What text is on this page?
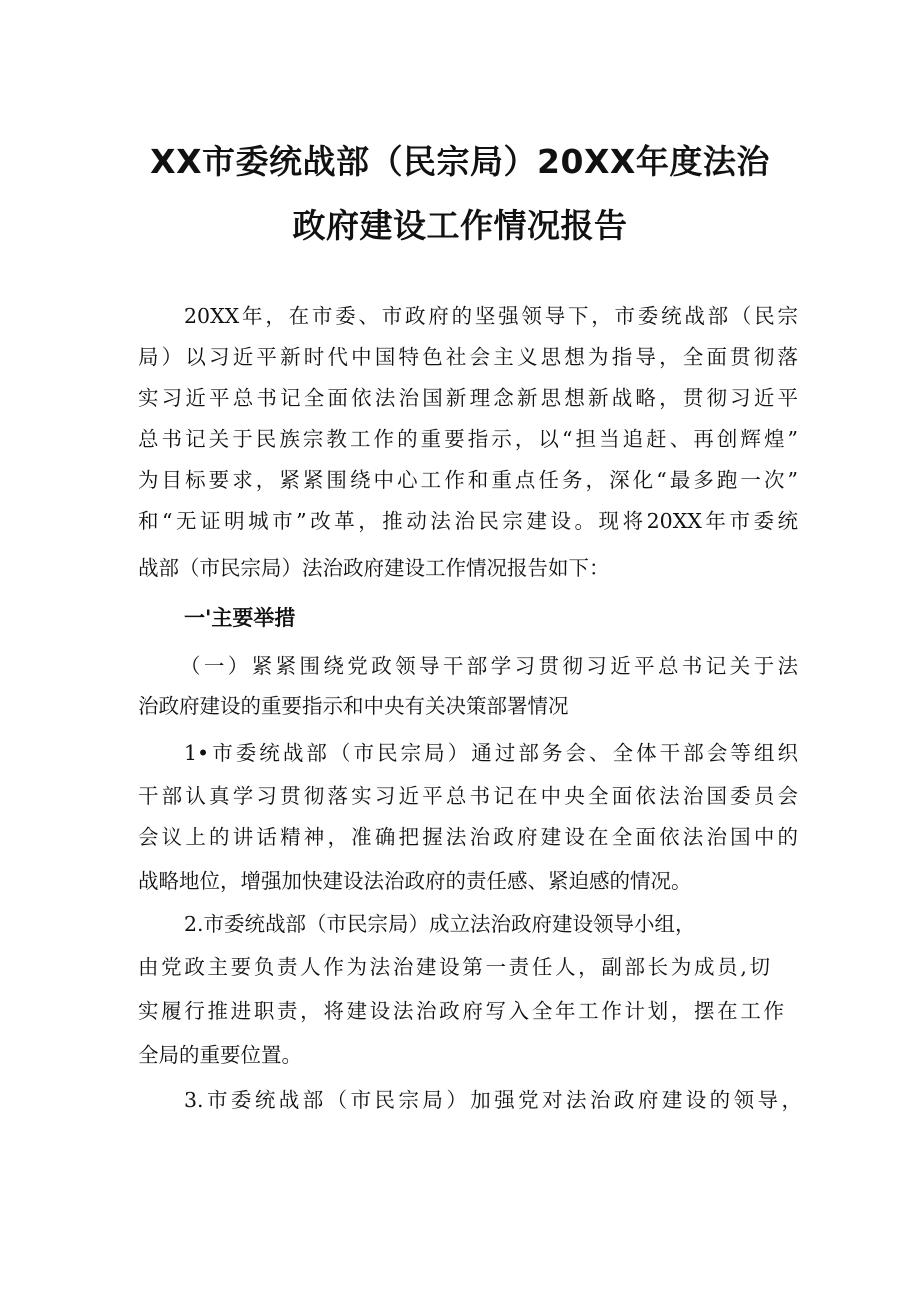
XX市委统战部（民宗局）20XX年度法治
政府建设工作情况报告
20XX年，在市委、市政府的坚强领导下，市委统战部（民宗
局）以习近平新时代中国特色社会主义思想为指导，全面贯彻落
实习近平总书记全面依法治国新理念新思想新战略，贯彻习近平
总书记关于民族宗教工作的重要指示，以“担当追赶、再创辉煌”
为目标要求，紧紧围绕中心工作和重点任务，深化“最多跑一次”
和“无证明城市”改革，推动法治民宗建设。现将20XX年市委统
战部（市民宗局）法治政府建设工作情况报告如下：
一'主要举措
（一）紧紧围绕党政领导干部学习贯彻习近平总书记关于法
治政府建设的重要指示和中央有关决策部署情况
1•市委统战部（市民宗局）通过部务会、全体干部会等组织
干部认真学习贯彻落实习近平总书记在中央全面依法治国委员会
会议上的讲话精神，准确把握法治政府建设在全面依法治国中的
战略地位，增强加快建设法治政府的责任感、紧迫感的情况。
2.市委统战部（市民宗局）成立法治政府建设领导小组，
由党政主要负责人作为法治建设第一责任人，副部长为成员,切
实履行推进职责，将建设法治政府写入全年工作计划，摆在工作
全局的重要位置。
3.市委统战部（市民宗局）加强党对法治政府建设的领导，
